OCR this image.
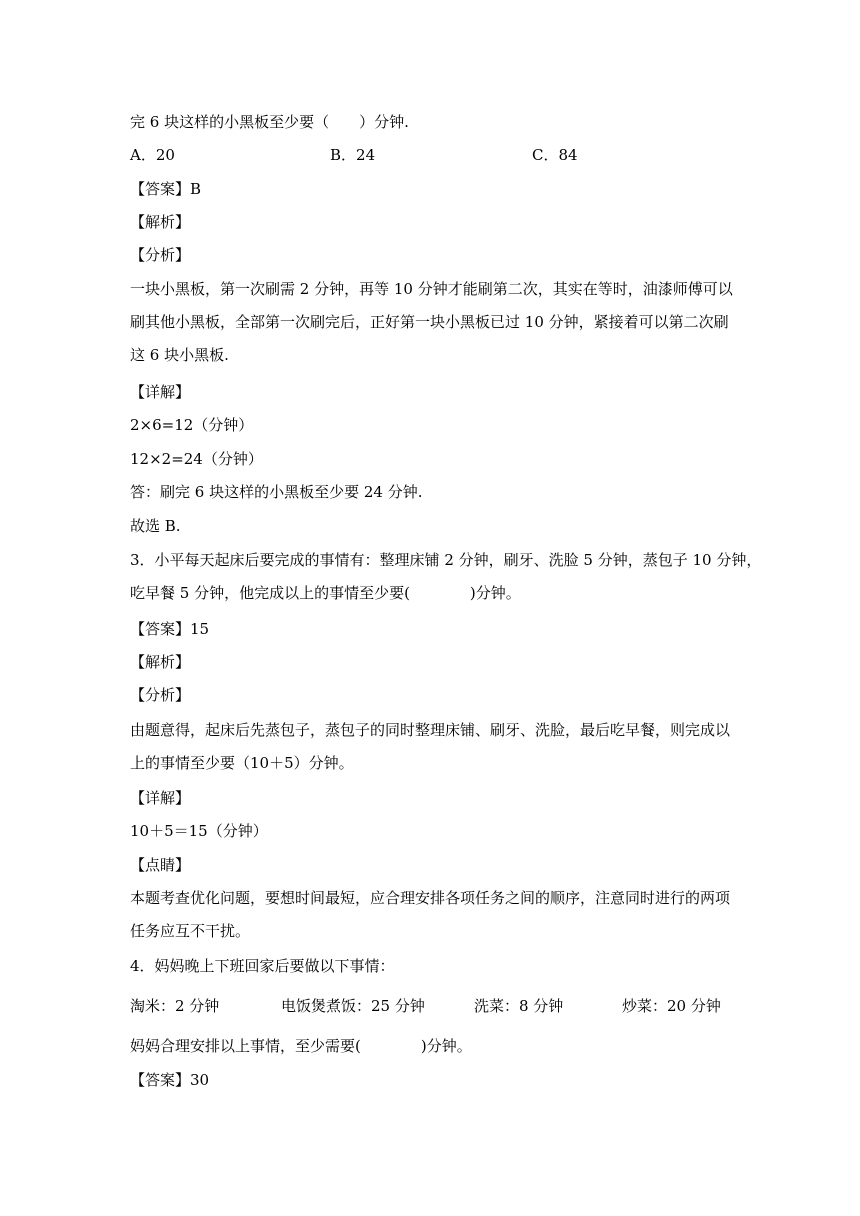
完 6 块这样的小黑板至少要（　　）分钟.
A．20	B．24	C．84
【答案】B
【解析】
【分析】
一块小黑板，第一次刷需 2 分钟，再等 10 分钟才能刷第二次，其实在等时，油漆师傅可以
刷其他小黑板，全部第一次刷完后，正好第一块小黑板已过 10 分钟，紧接着可以第二次刷
这 6 块小黑板.
【详解】
2×6=12（分钟）
12×2=24（分钟）
答：刷完 6 块这样的小黑板至少要 24 分钟.
故选 B.
3．小平每天起床后要完成的事情有：整理床铺 2 分钟，刷牙、洗脸 5 分钟，蒸包子 10 分钟，
吃早餐 5 分钟，他完成以上的事情至少要(　　　　)分钟。
【答案】15
【解析】
【分析】
由题意得，起床后先蒸包子，蒸包子的同时整理床铺、刷牙、洗脸，最后吃早餐，则完成以
上的事情至少要（10＋5）分钟。
【详解】
10＋5＝15（分钟）
【点睛】
本题考查优化问题，要想时间最短，应合理安排各项任务之间的顺序，注意同时进行的两项
任务应互不干扰。
4．妈妈晚上下班回家后要做以下事情：
淘米：2 分钟	电饭煲煮饭：25 分钟	洗菜：8 分钟	炒菜：20 分钟
妈妈合理安排以上事情，至少需要(　　　　)分钟。
【答案】30
